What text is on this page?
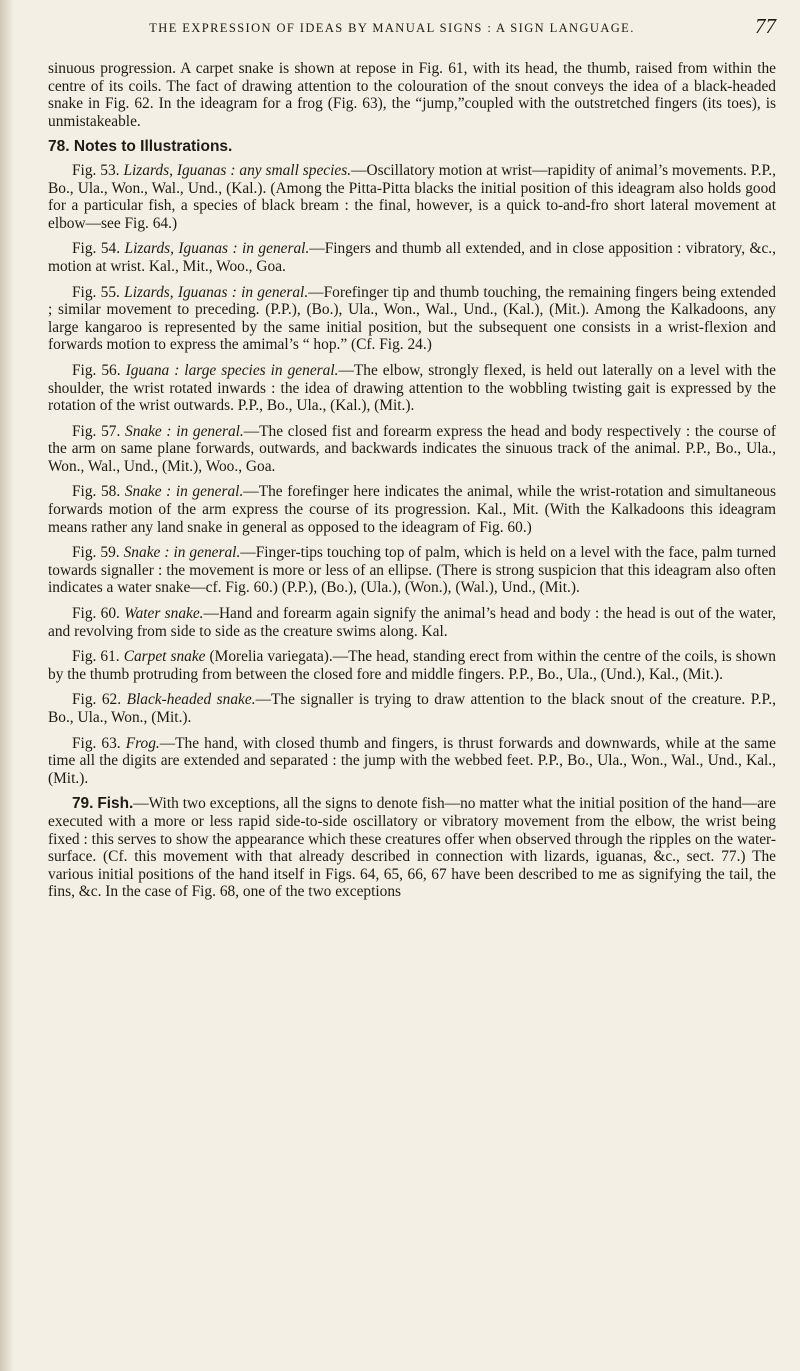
THE EXPRESSION OF IDEAS BY MANUAL SIGNS : A SIGN LANGUAGE.	77

sinuous progression. A carpet snake is shown at repose in Fig. 61, with its head, the thumb, raised from within the centre of its coils. The fact of drawing attention to the colouration of the snout conveys the idea of a black-headed snake in Fig. 62. In the ideagram for a frog (Fig. 63), the “jump,”coupled with the outstretched fingers (its toes), is unmistakeable.

78. Notes to Illustrations.

Fig. 53. Lizards, Iguanas : any small species.—Oscillatory motion at wrist—rapidity of animal’s movements. P.P., Bo., Ula., Won., Wal., Und., (Kal.). (Among the Pitta-Pitta blacks the initial position of this ideagram also holds good for a particular fish, a species of black bream : the final, however, is a quick to-and-fro short lateral movement at elbow—see Fig. 64.)

Fig. 54. Lizards, Iguanas : in general.—Fingers and thumb all extended, and in close apposition : vibratory, &c., motion at wrist. Kal., Mit., Woo., Goa.

Fig. 55. Lizards, Iguanas : in general.—Forefinger tip and thumb touching, the remaining fingers being extended ; similar movement to preceding. (P.P.), (Bo.), Ula., Won., Wal., Und., (Kal.), (Mit.). Among the Kalkadoons, any large kangaroo is represented by the same initial position, but the subsequent one consists in a wrist-flexion and forwards motion to express the amimal’s “ hop.” (Cf. Fig. 24.)

Fig. 56. Iguana : large species in general.—The elbow, strongly flexed, is held out laterally on a level with the shoulder, the wrist rotated inwards : the idea of drawing attention to the wobbling twisting gait is expressed by the rotation of the wrist outwards. P.P., Bo., Ula., (Kal.), (Mit.).

Fig. 57. Snake : in general.—The closed fist and forearm express the head and body respectively : the course of the arm on same plane forwards, outwards, and backwards indicates the sinuous track of the animal. P.P., Bo., Ula., Won., Wal., Und., (Mit.), Woo., Goa.

Fig. 58. Snake : in general.—The forefinger here indicates the animal, while the wrist-rotation and simultaneous forwards motion of the arm express the course of its progression. Kal., Mit. (With the Kalkadoons this ideagram means rather any land snake in general as opposed to the ideagram of Fig. 60.)

Fig. 59. Snake : in general.—Finger-tips touching top of palm, which is held on a level with the face, palm turned towards signaller : the movement is more or less of an ellipse. (There is strong suspicion that this ideagram also often indicates a water snake—cf. Fig. 60.) (P.P.), (Bo.), (Ula.), (Won.), (Wal.), Und., (Mit.).

Fig. 60. Water snake.—Hand and forearm again signify the animal’s head and body : the head is out of the water, and revolving from side to side as the creature swims along. Kal.

Fig. 61. Carpet snake (Morelia variegata).—The head, standing erect from within the centre of the coils, is shown by the thumb protruding from between the closed fore and middle fingers. P.P., Bo., Ula., (Und.), Kal., (Mit.).

Fig. 62. Black-headed snake.—The signaller is trying to draw attention to the black snout of the creature. P.P., Bo., Ula., Won., (Mit.).

Fig. 63. Frog.—The hand, with closed thumb and fingers, is thrust forwards and downwards, while at the same time all the digits are extended and separated : the jump with the webbed feet. P.P., Bo., Ula., Won., Wal., Und., Kal., (Mit.).

79. Fish.—With two exceptions, all the signs to denote fish—no matter what the initial position of the hand—are executed with a more or less rapid side-to-side oscillatory or vibratory movement from the elbow, the wrist being fixed : this serves to show the appearance which these creatures offer when observed through the ripples on the water-surface. (Cf. this movement with that already described in connection with lizards, iguanas, &c., sect. 77.) The various initial positions of the hand itself in Figs. 64, 65, 66, 67 have been described to me as signifying the tail, the fins, &c. In the case of Fig. 68, one of the two exceptions
